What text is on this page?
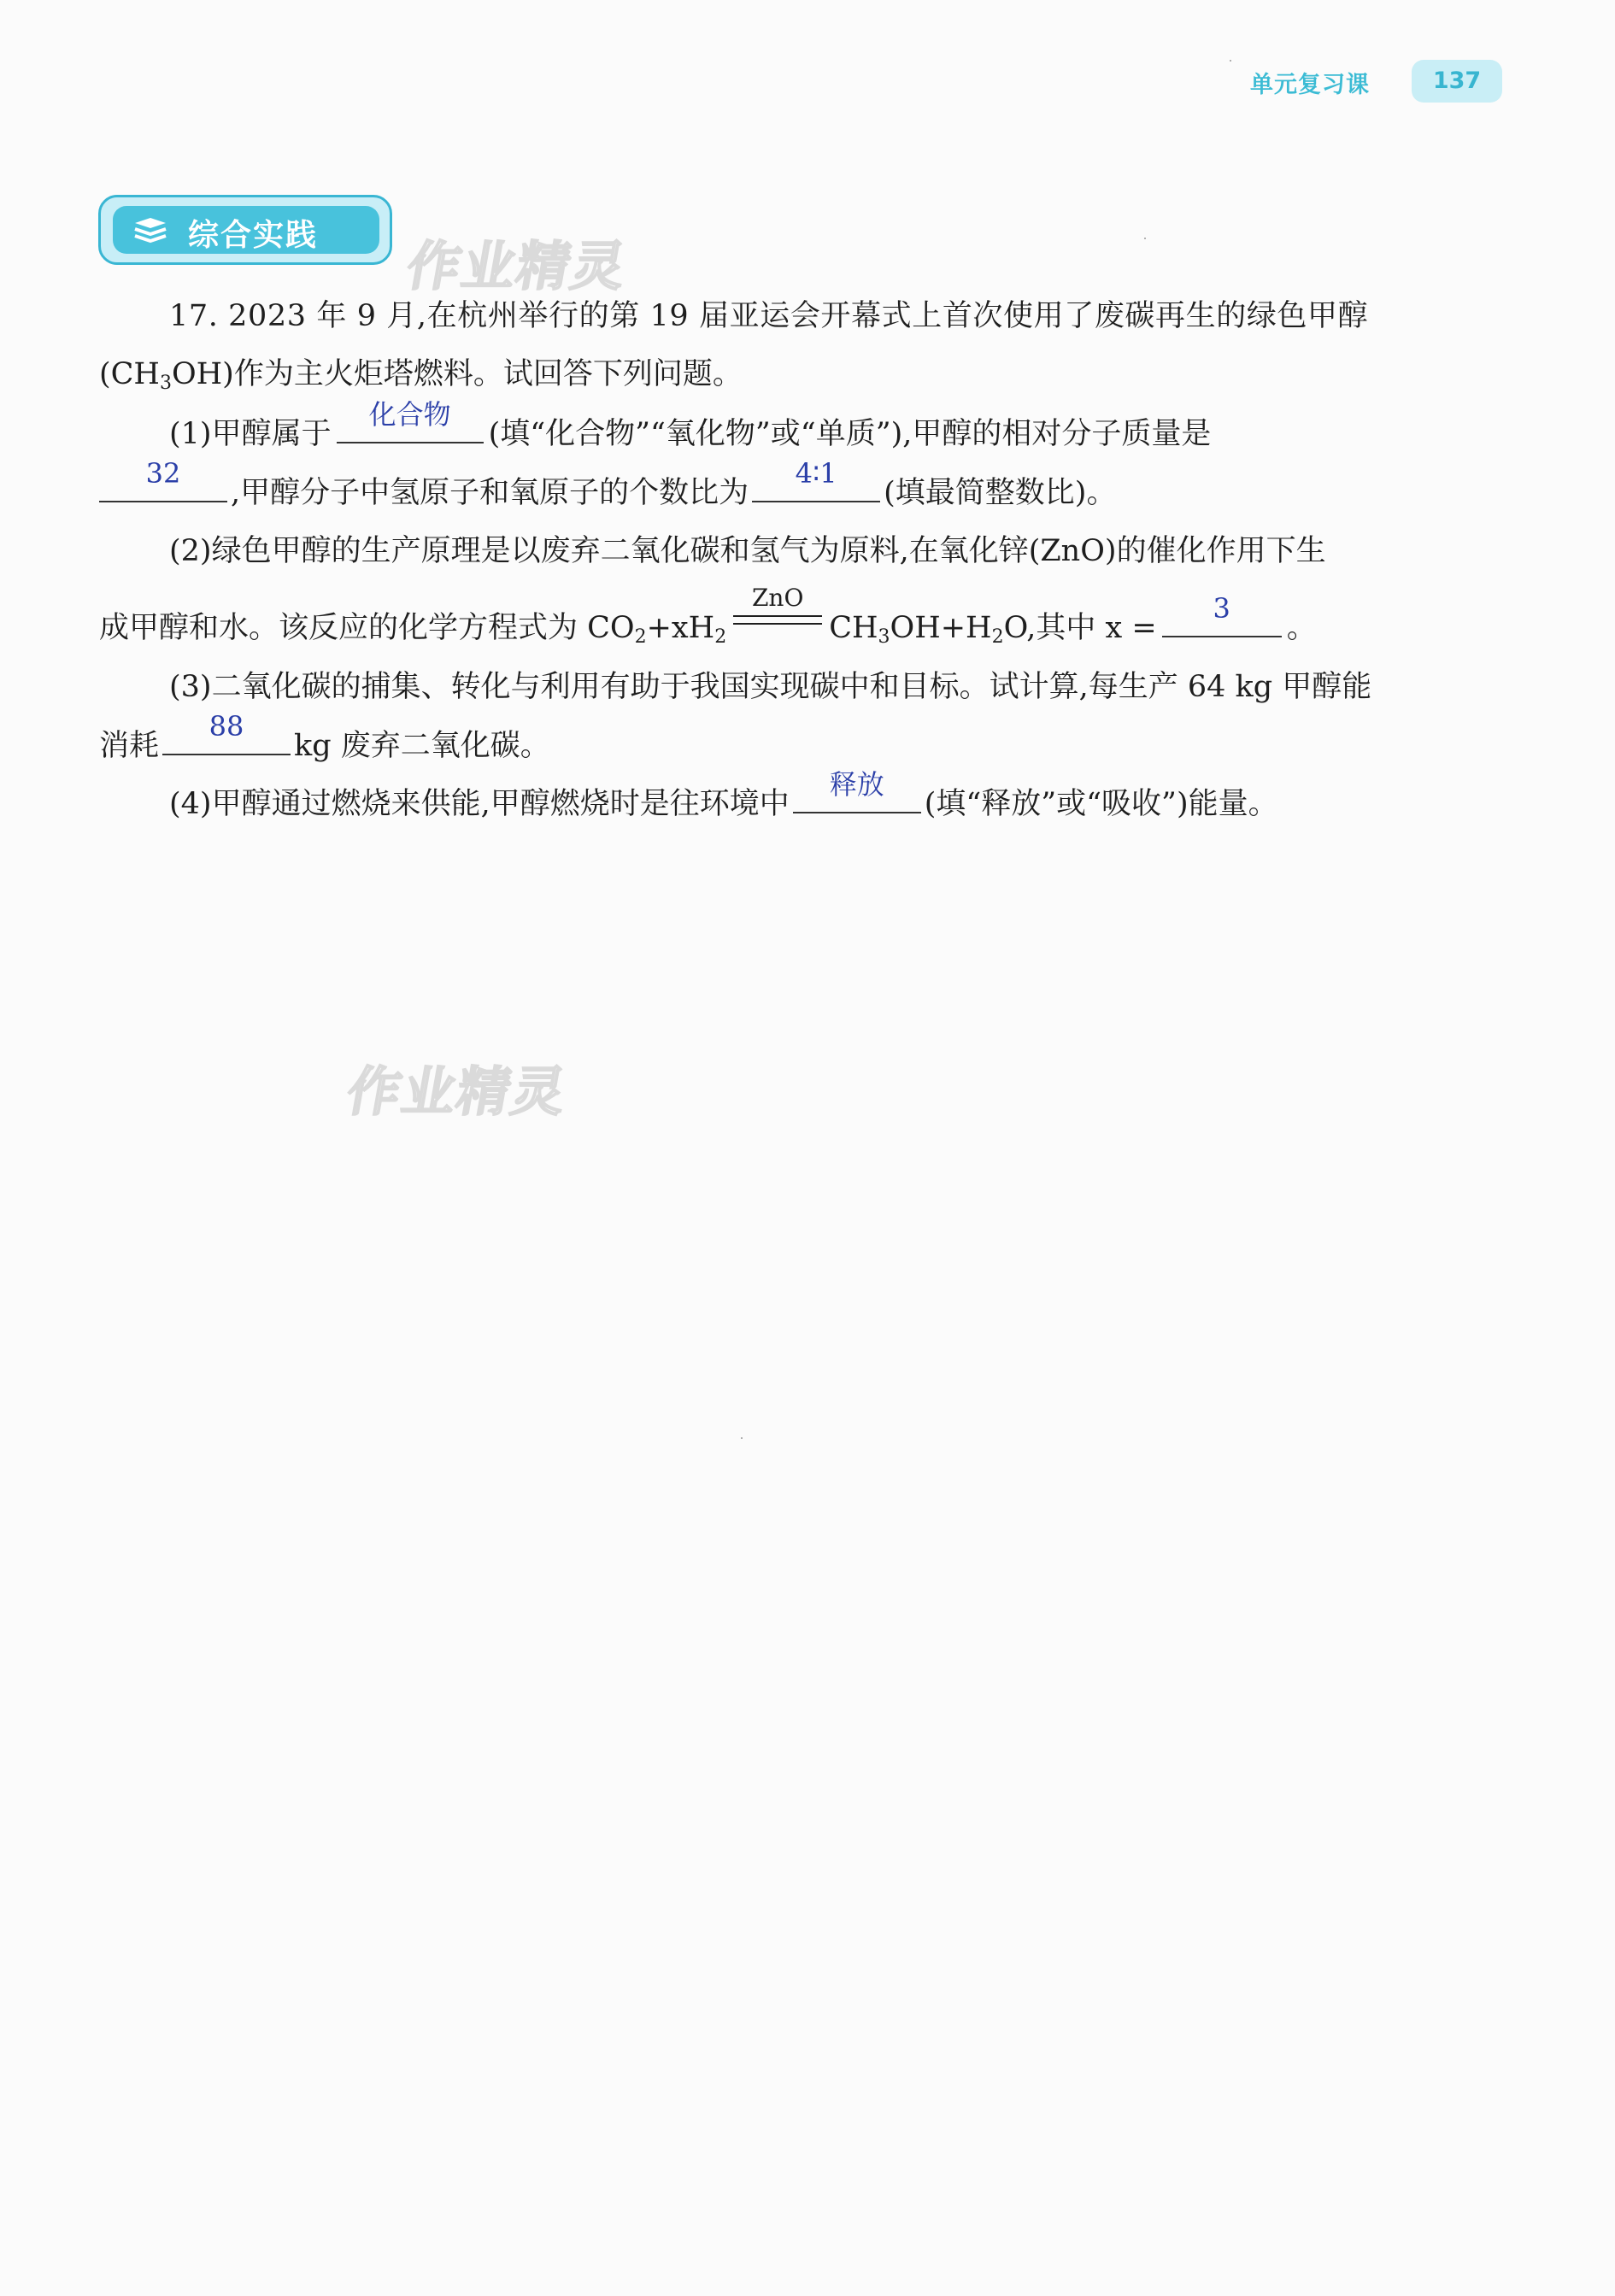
单元复习课	137
综合实践 作业精灵
作业精灵
17. 2023 年 9 月,在杭州举行的第 19 届亚运会开幕式上首次使用了废碳再生的绿色甲醇
$(CH_3OH)$作为主火炬塔燃料。试回答下列问题。
(1)甲醇属于
化合物
(填“化合物”“氧化物”或“单质”),甲醇的相对分子质量是
32
,甲醇分子中氢原子和氧原子的个数比为
4∶1
(填最简整数比)。
(2)绿色甲醇的生产原理是以废弃二氧化碳和氢气为原料,在氧化锌(ZnO)的催化作用下生
成甲醇和水。该反应的化学方程式为 $CO_2+xH_2$
ZnO
$CH_3OH+H_2O$,其中 x =
3
。
(3)二氧化碳的捕集、转化与利用有助于我国实现碳中和目标。试计算,每生产 64 kg 甲醇能
消耗
88
kg 废弃二氧化碳。
(4)甲醇通过燃烧来供能,甲醇燃烧时是往环境中
释放
(填“释放”或“吸收”)能量。
